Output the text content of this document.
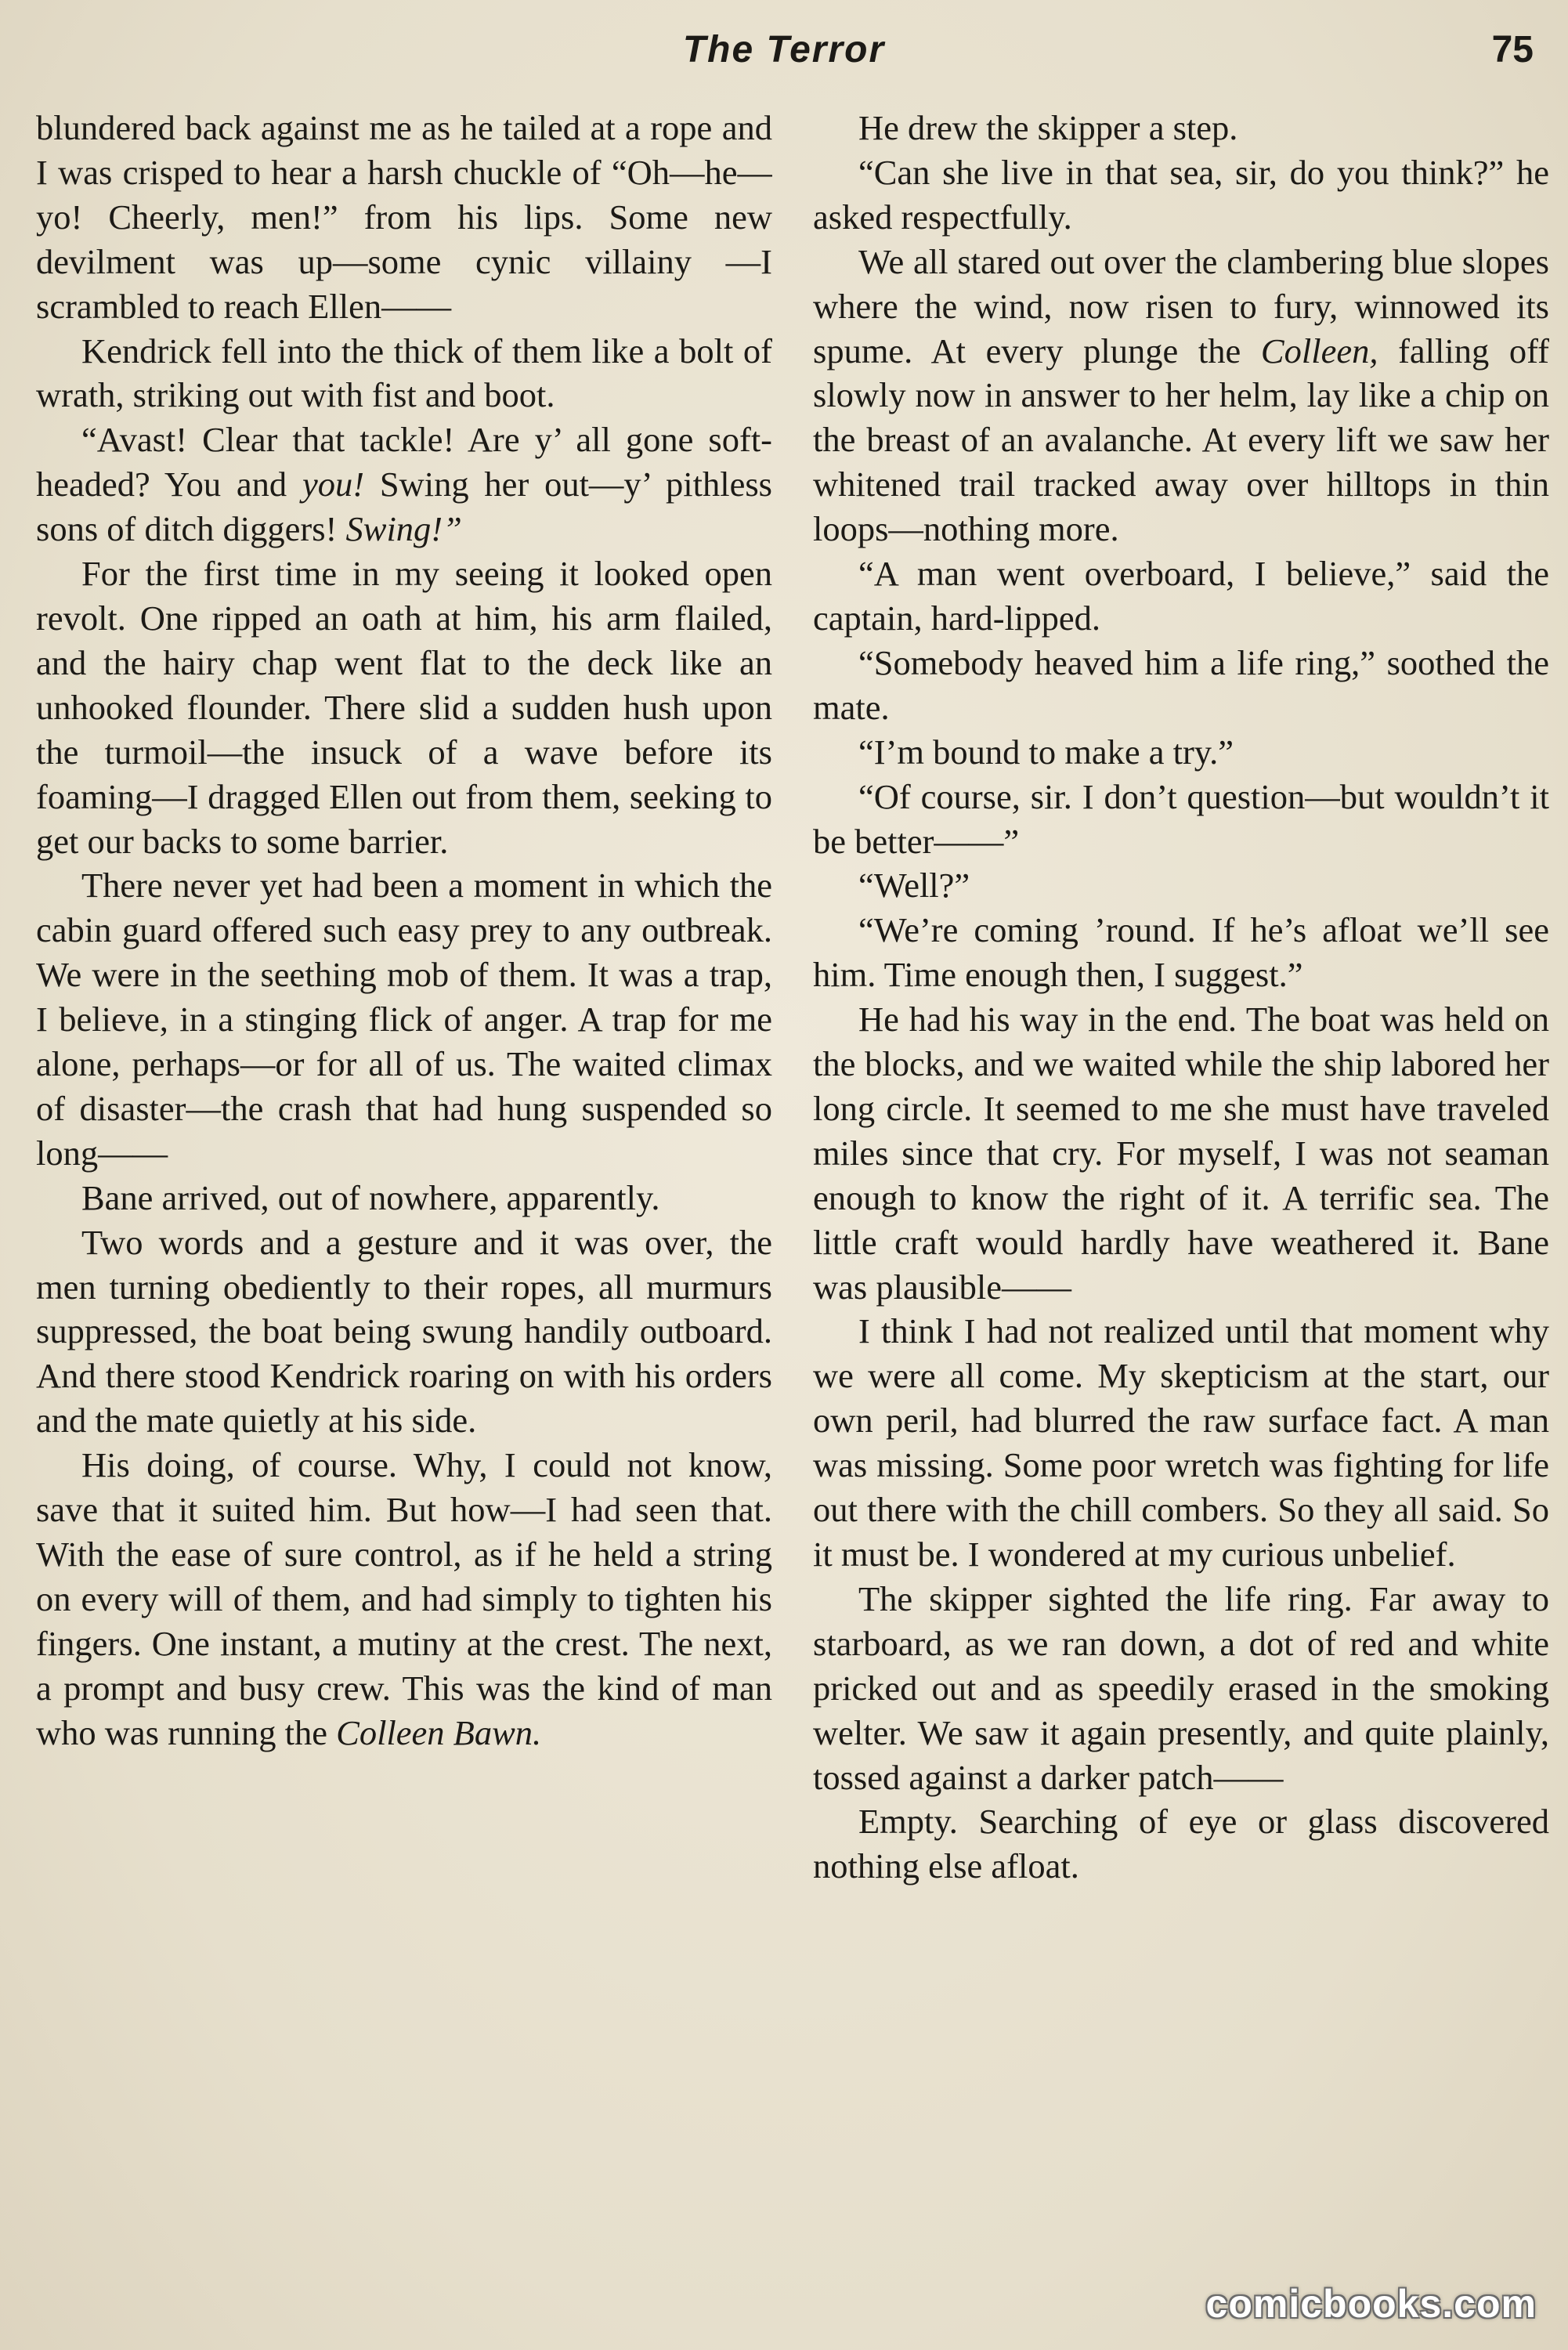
The Terror	75

blundered back against me as he tailed at a rope and I was crisped to hear a harsh chuckle of “Oh—he—yo! Cheerly, men!” from his lips. Some new devilment was up—some cynic villainy —I scrambled to reach Ellen——

Kendrick fell into the thick of them like a bolt of wrath, striking out with fist and boot.

“Avast! Clear that tackle! Are y’ all gone soft-headed? You and you! Swing her out—y’ pithless sons of ditch diggers! Swing!”

For the first time in my seeing it looked open revolt. One ripped an oath at him, his arm flailed, and the hairy chap went flat to the deck like an unhooked flounder. There slid a sudden hush upon the turmoil—the insuck of a wave before its foaming—I dragged Ellen out from them, seeking to get our backs to some barrier.

There never yet had been a moment in which the cabin guard offered such easy prey to any outbreak. We were in the seething mob of them. It was a trap, I believe, in a stinging flick of anger. A trap for me alone, perhaps—or for all of us. The waited climax of disaster—the crash that had hung suspended so long——

Bane arrived, out of nowhere, apparently.

Two words and a gesture and it was over, the men turning obediently to their ropes, all murmurs suppressed, the boat being swung handily outboard. And there stood Kendrick roaring on with his orders and the mate quietly at his side.

His doing, of course. Why, I could not know, save that it suited him. But how—I had seen that. With the ease of sure control, as if he held a string on every will of them, and had simply to tighten his fingers. One instant, a mutiny at the crest. The next, a prompt and busy crew. This was the kind of man who was running the Colleen Bawn.

He drew the skipper a step.

“Can she live in that sea, sir, do you think?” he asked respectfully.

We all stared out over the clambering blue slopes where the wind, now risen to fury, winnowed its spume. At every plunge the Colleen, falling off slowly now in answer to her helm, lay like a chip on the breast of an avalanche. At every lift we saw her whitened trail tracked away over hilltops in thin loops—nothing more.

“A man went overboard, I believe,” said the captain, hard-lipped.

“Somebody heaved him a life ring,” soothed the mate.

“I’m bound to make a try.”

“Of course, sir. I don’t question—but wouldn’t it be better——”

“Well?”

“We’re coming ’round. If he’s afloat we’ll see him. Time enough then, I suggest.”

He had his way in the end. The boat was held on the blocks, and we waited while the ship labored her long circle. It seemed to me she must have traveled miles since that cry. For myself, I was not seaman enough to know the right of it. A terrific sea. The little craft would hardly have weathered it. Bane was plausible——

I think I had not realized until that moment why we were all come. My skepticism at the start, our own peril, had blurred the raw surface fact. A man was missing. Some poor wretch was fighting for life out there with the chill combers. So they all said. So it must be. I wondered at my curious unbelief.

The skipper sighted the life ring. Far away to starboard, as we ran down, a dot of red and white pricked out and as speedily erased in the smoking welter. We saw it again presently, and quite plainly, tossed against a darker patch——

Empty. Searching of eye or glass discovered nothing else afloat.

comicbooks.com
